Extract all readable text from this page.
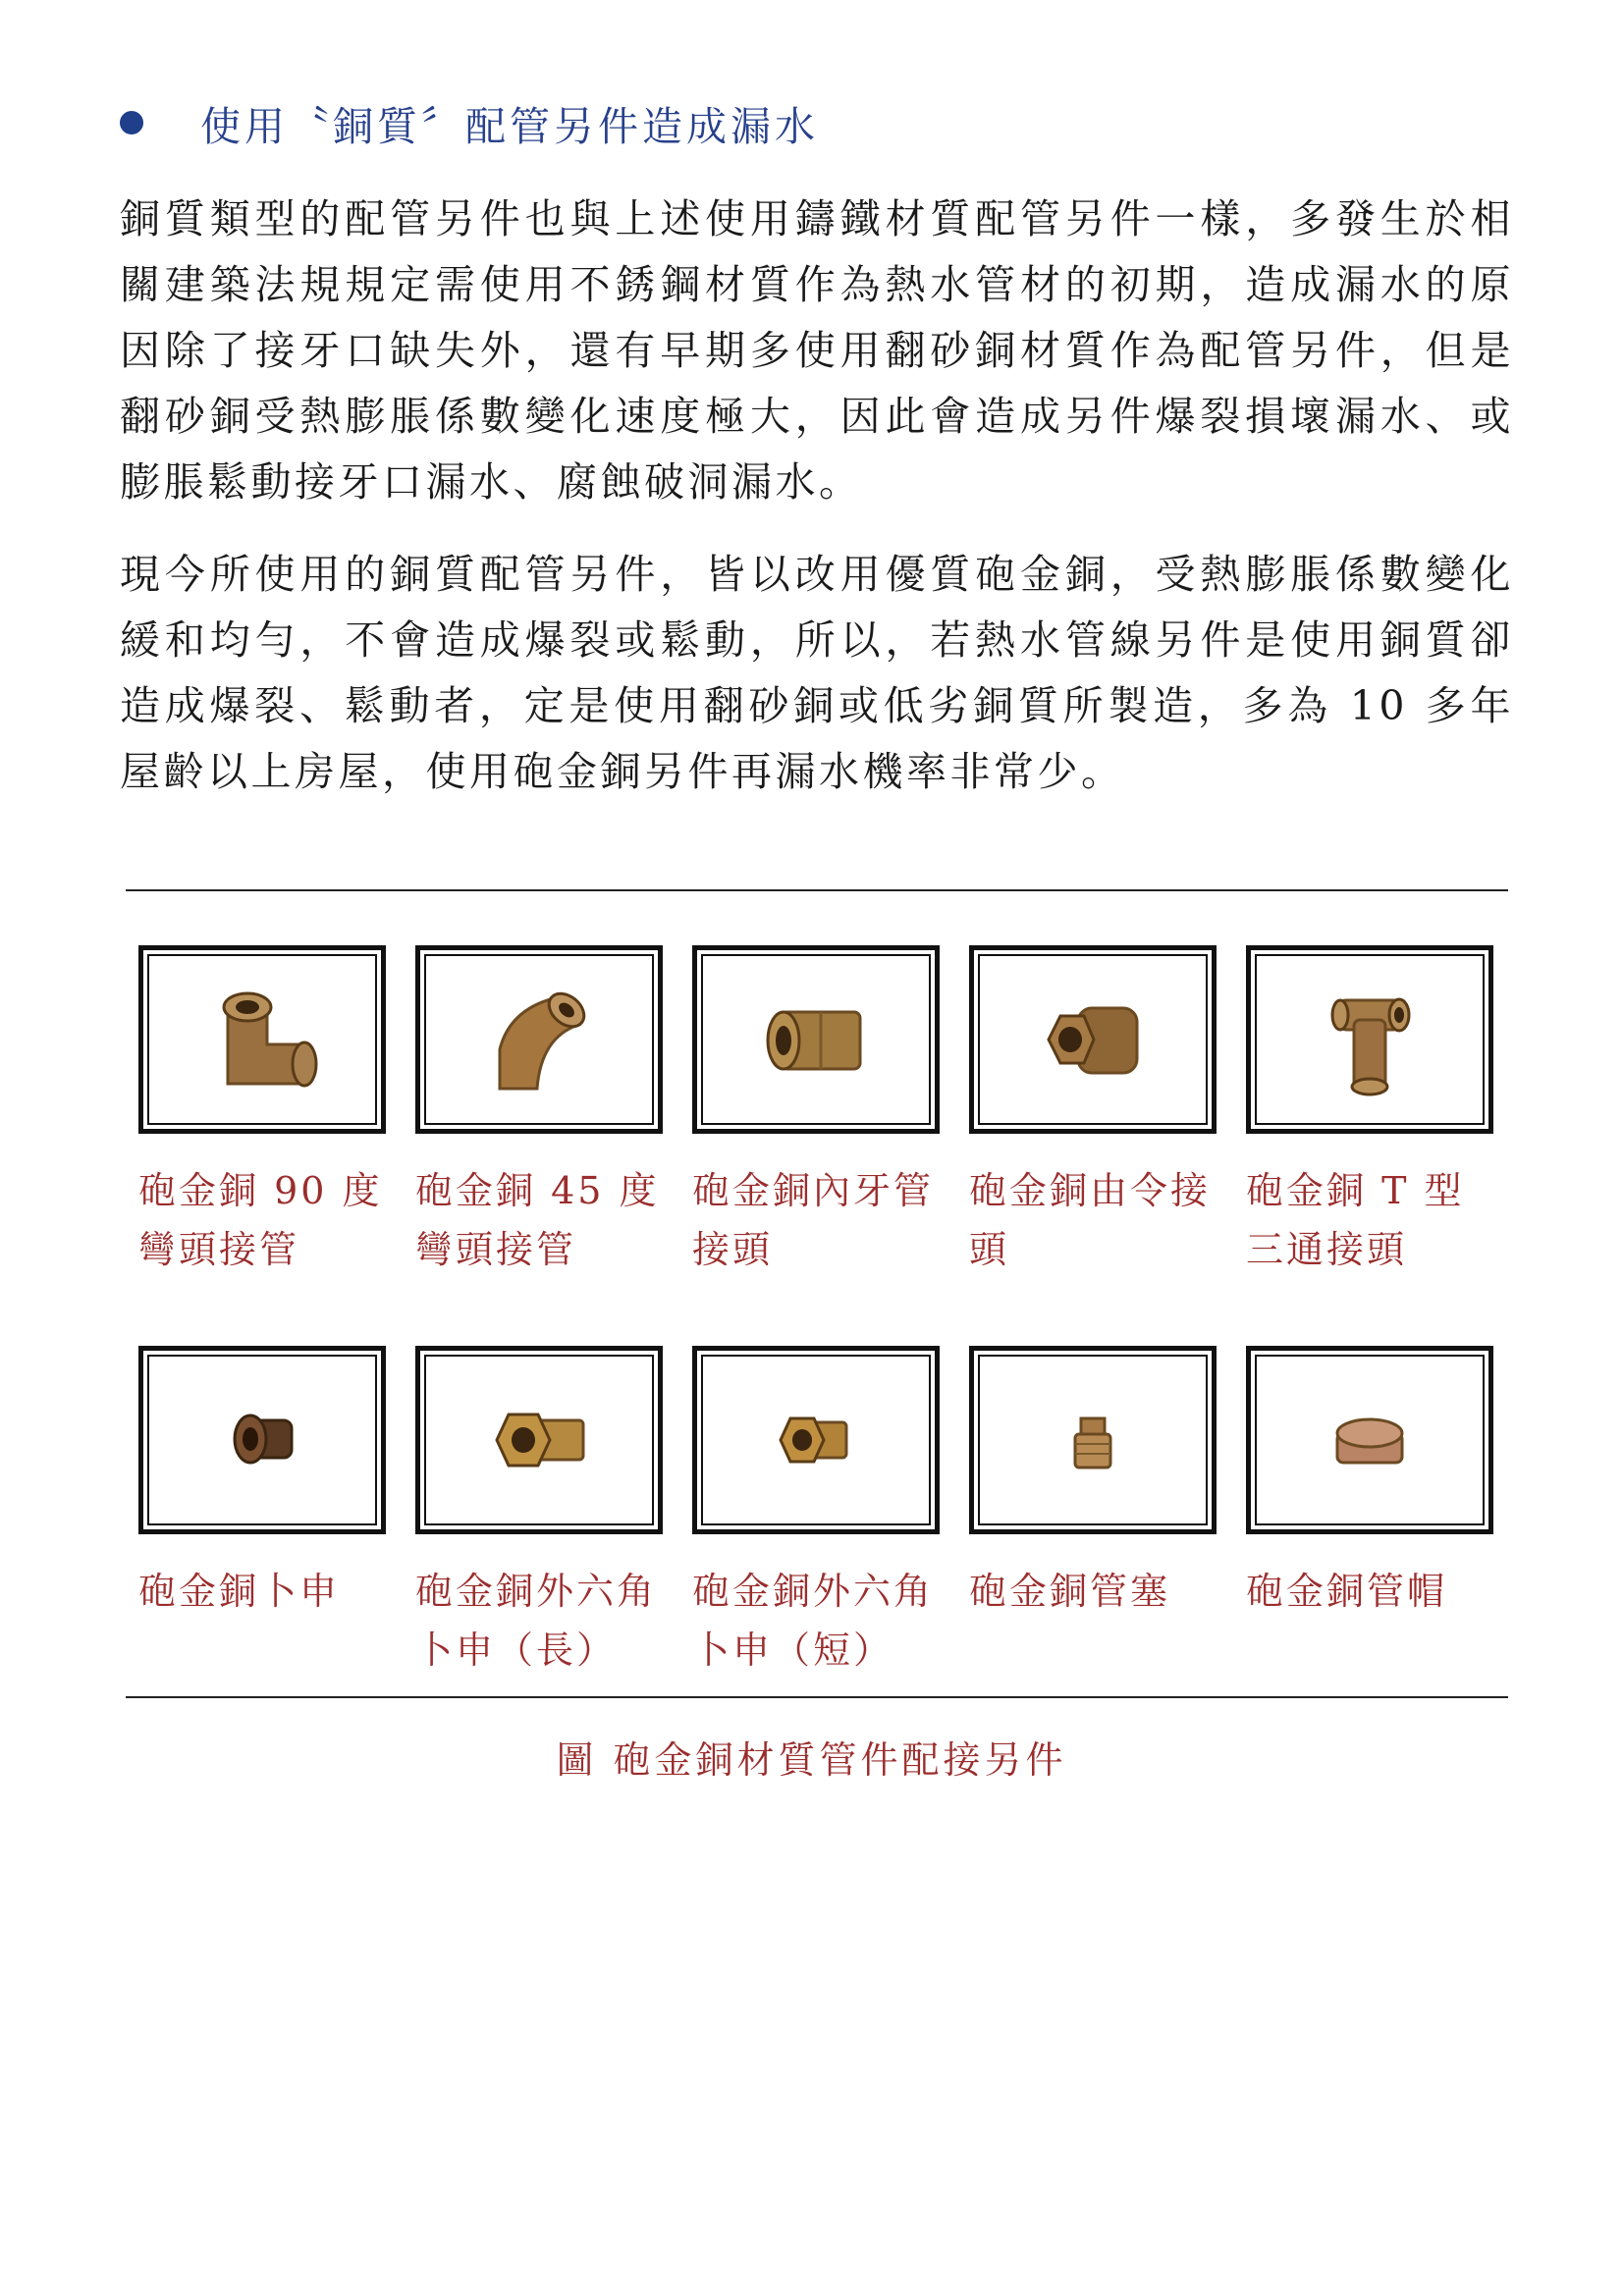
使用〝銅質〞配管另件造成漏水

銅質類型的配管另件也與上述使用鑄鐵材質配管另件一樣，多發生於相關建築法規規定需使用不銹鋼材質作為熱水管材的初期，造成漏水的原因除了接牙口缺失外，還有早期多使用翻砂銅材質作為配管另件，但是翻砂銅受熱膨脹係數變化速度極大，因此會造成另件爆裂損壞漏水、或膨脹鬆動接牙口漏水、腐蝕破洞漏水。

現今所使用的銅質配管另件，皆以改用優質砲金銅，受熱膨脹係數變化緩和均勻，不會造成爆裂或鬆動，所以，若熱水管線另件是使用銅質卻造成爆裂、鬆動者，定是使用翻砂銅或低劣銅質所製造，多為 10 多年屋齡以上房屋，使用砲金銅另件再漏水機率非常少。

砲金銅 90 度彎頭接管
砲金銅 45 度彎頭接管
砲金銅內牙管接頭
砲金銅由令接頭
砲金銅 T 型三通接頭
砲金銅卜申	砲金銅外六角卜申（長）
砲金銅外六角卜申（短）
砲金銅管塞	砲金銅管帽
圖 砲金銅材質管件配接另件
